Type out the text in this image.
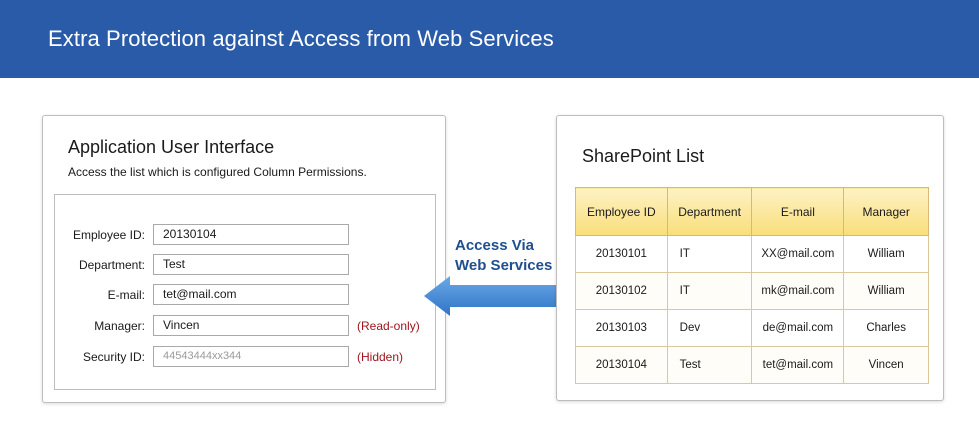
Extra Protection against Access from Web Services
Application User Interface
Access the list which is configured Column Permissions.
Employee ID:	20130104
Department:	Test
E-mail:	tet@mail.com
Manager:	Vincen	(Read-only)
Security ID:	44543444xx344	(Hidden)
Access Via
Web Services
SharePoint List
Employee ID	Department	E-mail	Manager
20130101	IT	XX@mail.com	William
20130102	IT	mk@mail.com	William
20130103	Dev	de@mail.com	Charles
20130104	Test	tet@mail.com	Vincen
